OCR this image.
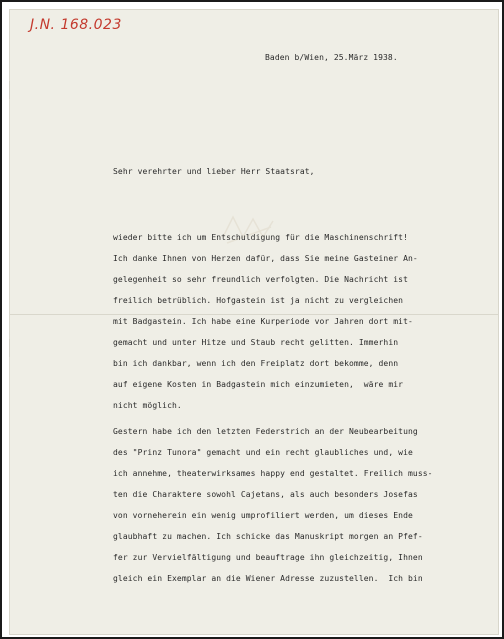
J.N. 168.023
Baden b/Wien, 25.März 1938.
Sehr verehrter und lieber Herr Staatsrat,
wieder bitte ich um Entschuldigung für die Maschinenschrift!
Ich danke Ihnen von Herzen dafür, dass Sie meine Gasteiner An-
gelegenheit so sehr freundlich verfolgten. Die Nachricht ist
freilich betrüblich. Hofgastein ist ja nicht zu vergleichen
mit Badgastein. Ich habe eine Kurperiode vor Jahren dort mit-
gemacht und unter Hitze und Staub recht gelitten. Immerhin
bin ich dankbar, wenn ich den Freiplatz dort bekomme, denn
auf eigene Kosten in Badgastein mich einzumieten,  wäre mir
nicht möglich.
Gestern habe ich den letzten Federstrich an der Neubearbeitung
des "Prinz Tunora" gemacht und ein recht glaubliches und, wie
ich annehme, theaterwirksames happy end gestaltet. Freilich muss-
ten die Charaktere sowohl Cajetans, als auch besonders Josefas
von vorneherein ein wenig umprofiliert werden, um dieses Ende
glaubhaft zu machen. Ich schicke das Manuskript morgen an Pfef-
fer zur Vervielfältigung und beauftrage ihn gleichzeitig, Ihnen
gleich ein Exemplar an die Wiener Adresse zuzustellen.  Ich bin
